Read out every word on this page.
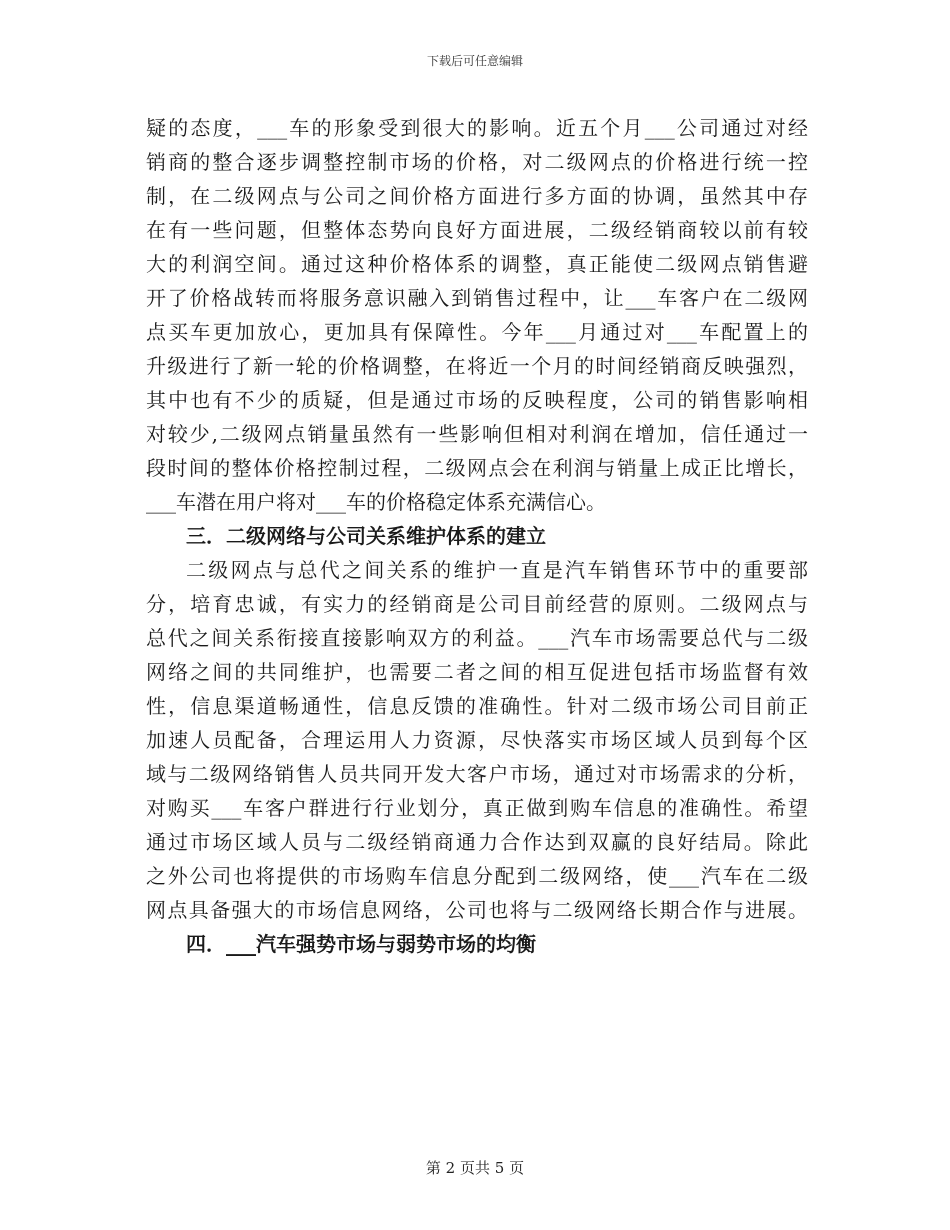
下载后可任意编辑
疑的态度，___车的形象受到很大的影响。近五个月___公司通过对经
销商的整合逐步调整控制市场的价格，对二级网点的价格进行统一控
制，在二级网点与公司之间价格方面进行多方面的协调，虽然其中存
在有一些问题，但整体态势向良好方面进展，二级经销商较以前有较
大的利润空间。通过这种价格体系的调整，真正能使二级网点销售避
开了价格战转而将服务意识融入到销售过程中，让___车客户在二级网
点买车更加放心，更加具有保障性。今年___月通过对___车配置上的
升级进行了新一轮的价格调整，在将近一个月的时间经销商反映强烈，
其中也有不少的质疑，但是通过市场的反映程度，公司的销售影响相
对较少,二级网点销量虽然有一些影响但相对利润在增加，信任通过一
段时间的整体价格控制过程，二级网点会在利润与销量上成正比增长，
___车潜在用户将对___车的价格稳定体系充满信心。
三．二级网络与公司关系维护体系的建立
二级网点与总代之间关系的维护一直是汽车销售环节中的重要部
分，培育忠诚，有实力的经销商是公司目前经营的原则。二级网点与
总代之间关系衔接直接影响双方的利益。___汽车市场需要总代与二级
网络之间的共同维护，也需要二者之间的相互促进包括市场监督有效
性，信息渠道畅通性，信息反馈的准确性。针对二级市场公司目前正
加速人员配备，合理运用人力资源，尽快落实市场区域人员到每个区
域与二级网络销售人员共同开发大客户市场，通过对市场需求的分析，
对购买___车客户群进行行业划分，真正做到购车信息的准确性。希望
通过市场区域人员与二级经销商通力合作达到双赢的良好结局。除此
之外公司也将提供的市场购车信息分配到二级网络，使___汽车在二级
网点具备强大的市场信息网络，公司也将与二级网络长期合作与进展。
四．___汽车强势市场与弱势市场的均衡
第 2 页共 5 页
